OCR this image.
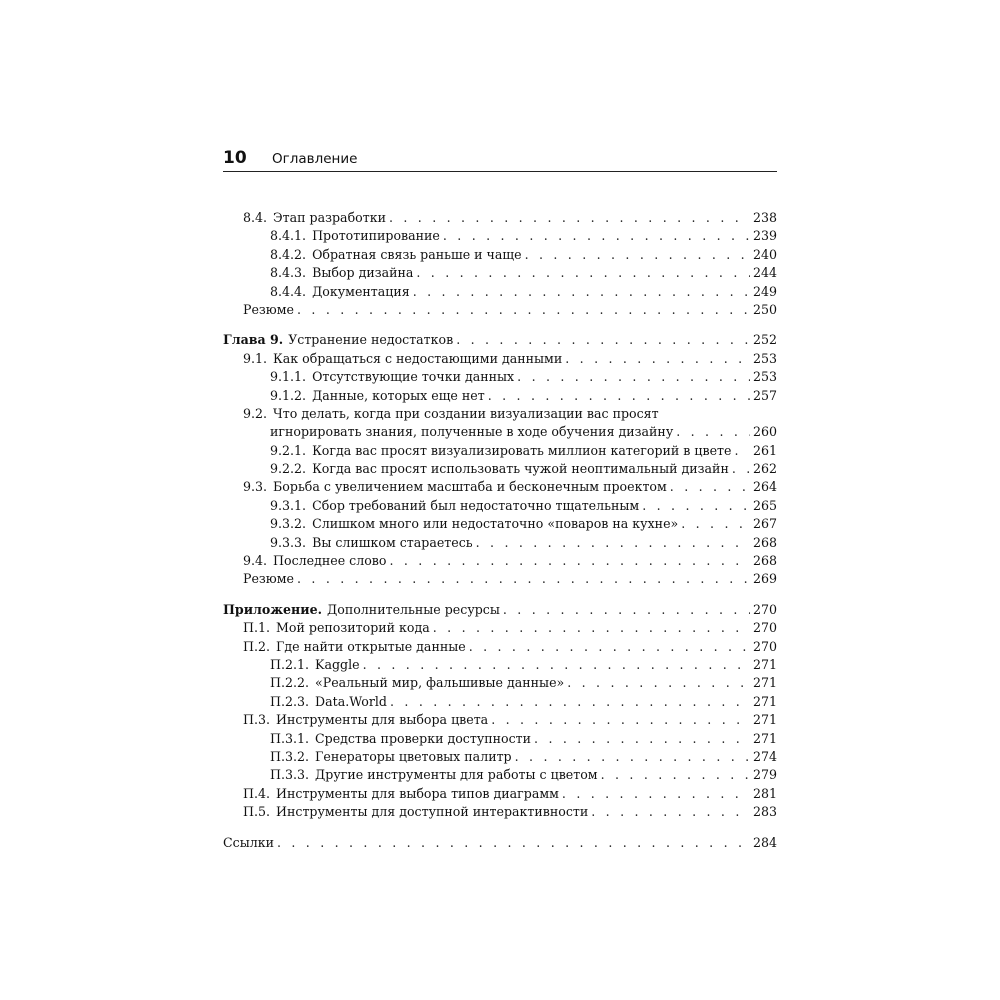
10 Оглавление
8.4. Этап разработки . . .	238
8.4.1. Прототипирование . . .	239
8.4.2. Обратная связь раньше и чаще . . .	240
8.4.3. Выбор дизайна . . .	244
8.4.4. Документация . . .	249
Резюме . . .	250
Глава 9. Устранение недостатков . . .	252
9.1. Как обращаться с недостающими данными . . .	253
9.1.1. Отсутствующие точки данных . . .	253
9.1.2. Данные, которых еще нет . . .	257
9.2. Что делать, когда при создании визуализации вас просят
игнорировать знания, полученные в ходе обучения дизайну . . .	260
9.2.1. Когда вас просят визуализировать миллион категорий в цвете . . . 261
9.2.2. Когда вас просят использовать чужой неоптимальный дизайн . . . 262
9.3. Борьба с увеличением масштаба и бесконечным проектом . . .	264
9.3.1. Сбор требований был недостаточно тщательным . . .	265
9.3.2. Слишком много или недостаточно «поваров на кухне» . . .	267
9.3.3. Вы слишком стараетесь . . .	268
9.4. Последнее слово . . .	268
Резюме . . .	269
Приложение. Дополнительные ресурсы . . .	270
П.1. Мой репозиторий кода . . .	270
П.2. Где найти открытые данные . . .	270
П.2.1. Kaggle . . .	271
П.2.2. «Реальный мир, фальшивые данные» . . .	271
П.2.3. Data.World . . .	271
П.3. Инструменты для выбора цвета . . .	271
П.3.1. Средства проверки доступности . . .	271
П.3.2. Генераторы цветовых палитр . . .	274
П.3.3. Другие инструменты для работы с цветом . . .	279
П.4. Инструменты для выбора типов диаграмм . . .	281
П.5. Инструменты для доступной интерактивности . . .	283
Ссылки . . .	284
